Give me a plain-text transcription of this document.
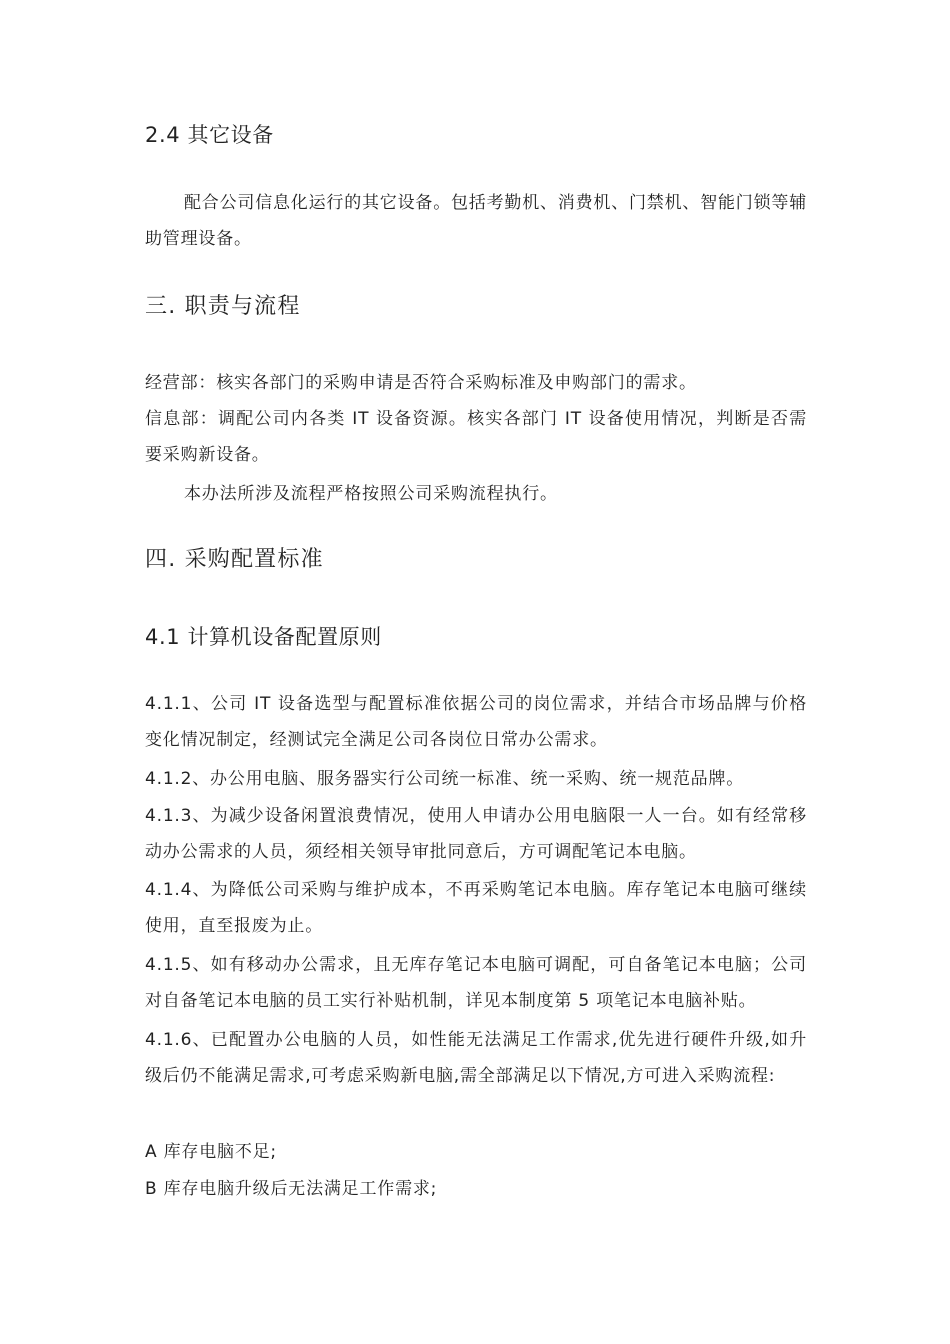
2.4 其它设备

配合公司信息化运行的其它设备。包括考勤机、消费机、门禁机、智能门锁等辅助管理设备。

三. 职责与流程

经营部：核实各部门的采购申请是否符合采购标准及申购部门的需求。

信息部：调配公司内各类 IT 设备资源。核实各部门 IT 设备使用情况，判断是否需要采购新设备。

本办法所涉及流程严格按照公司采购流程执行。

四. 采购配置标准
4.1 计算机设备配置原则

4.1.1、公司 IT 设备选型与配置标准依据公司的岗位需求，并结合市场品牌与价格变化情况制定，经测试完全满足公司各岗位日常办公需求。

4.1.2、办公用电脑、服务器实行公司统一标准、统一采购、统一规范品牌。

4.1.3、为减少设备闲置浪费情况，使用人申请办公用电脑限一人一台。如有经常移动办公需求的人员，须经相关领导审批同意后，方可调配笔记本电脑。

4.1.4、为降低公司采购与维护成本，不再采购笔记本电脑。库存笔记本电脑可继续使用，直至报废为止。

4.1.5、如有移动办公需求，且无库存笔记本电脑可调配，可自备笔记本电脑；公司对自备笔记本电脑的员工实行补贴机制，详见本制度第 5 项笔记本电脑补贴。

4.1.6、已配置办公电脑的人员，如性能无法满足工作需求,优先进行硬件升级,如升级后仍不能满足需求,可考虑采购新电脑,需全部满足以下情况,方可进入采购流程:

A 库存电脑不足;

B 库存电脑升级后无法满足工作需求;
